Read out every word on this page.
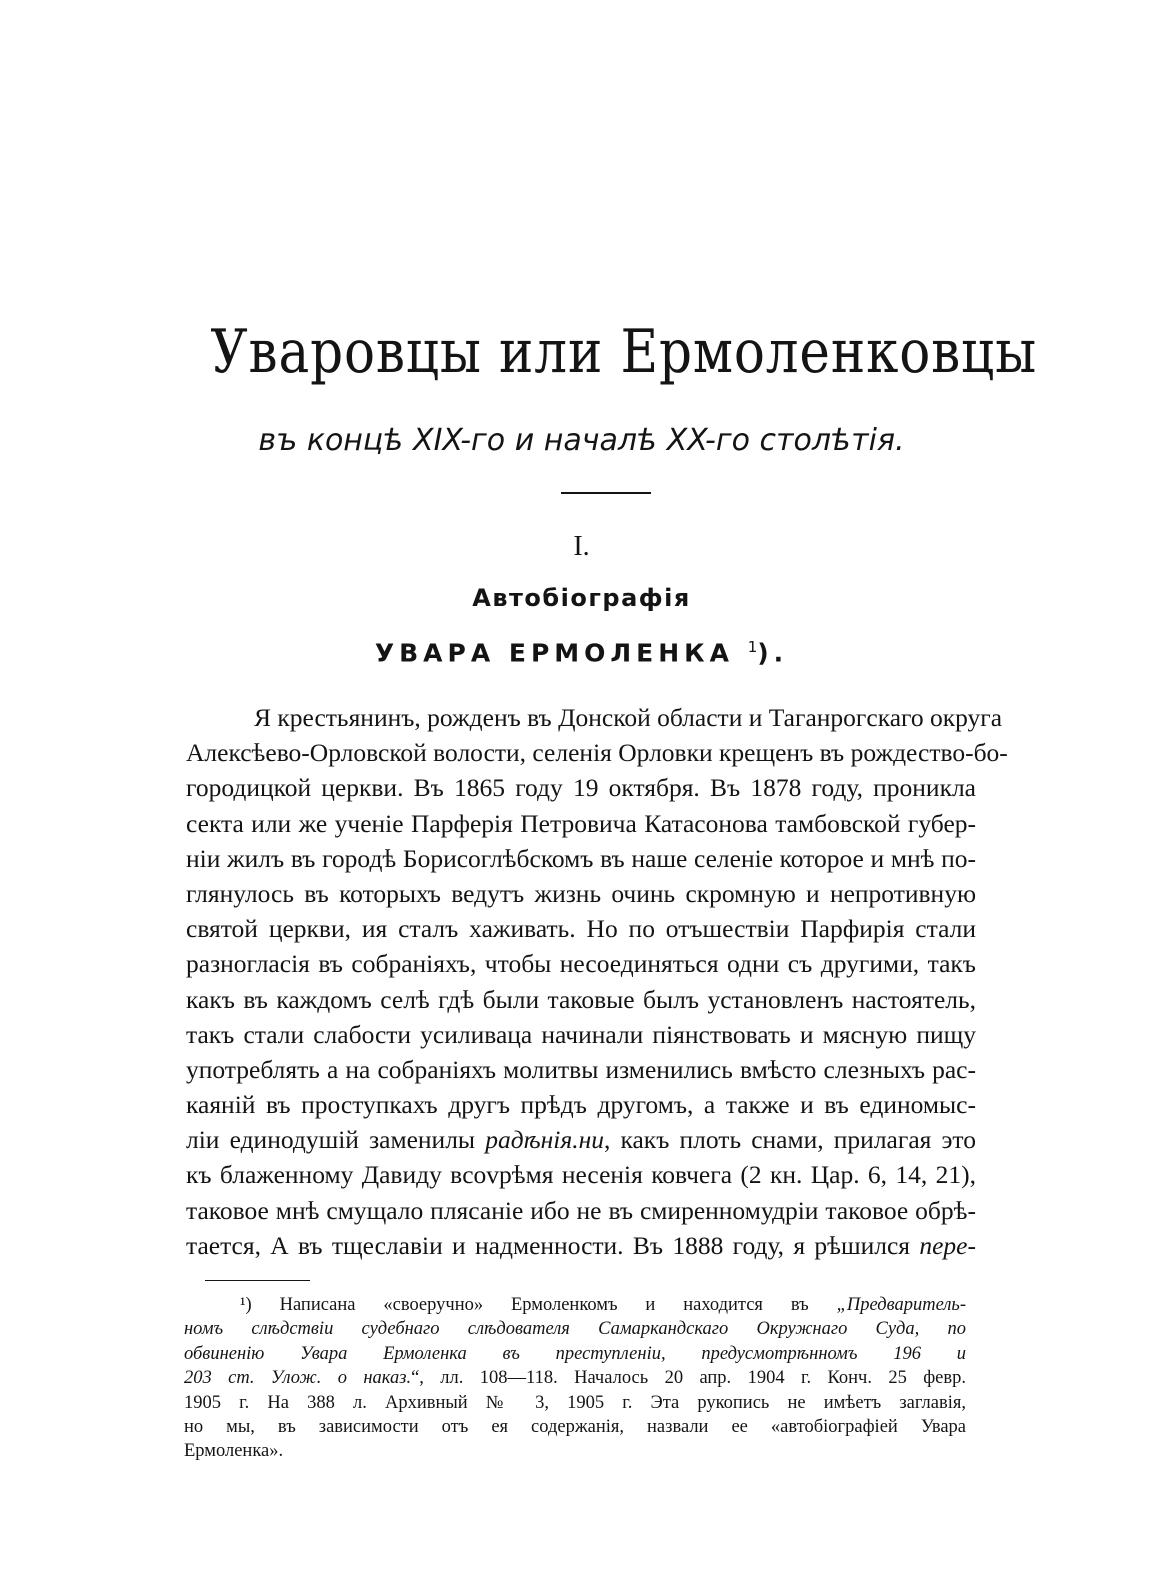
Уваровцы или Ермоленковцы
въ концѣ XIX-го и началѣ XX-го столѣтія.
I.
Автобіографія
УВАРА ЕРМОЛЕНКА $^1$).
Я крестьянинъ, рожденъ въ Донской области и Таганрогскаго округа
Алексѣево-Орловской волости, селенія Орловки крещенъ въ рождество-бо-
городицкой церкви. Въ 1865 году 19 октября. Въ 1878 году, проникла
секта или же ученіе Парферія Петровича Катасонова тамбовской губер-
ніи жилъ въ городѣ Борисоглѣбскомъ въ наше селеніе которое и мнѣ по-
глянулось въ которыхъ ведутъ жизнь очинь скромную и непротивную
святой церкви, ия сталъ хаживать. Но по отъшествіи Парфирія стали
разногласія въ собраніяхъ, чтобы несоединяться одни съ другими, такъ
какъ въ каждомъ селѣ гдѣ были таковые былъ установленъ настоятель,
такъ стали слабости усиливаца начинали піянствовать и мясную пищу
употреблять а на собраніяхъ молитвы изменились вмѣсто слезныхъ рас-
каяній въ проступкахъ другъ прѣдъ другомъ, а также и въ единомыс-
ліи единодушій заменилы радѣнія.ни, какъ плоть снами, прилагая это
къ блаженному Давиду вcovрѣмя несенія ковчега (2 кн. Цар. 6, 14, 21),
таковое мнѣ смущало плясаніе ибо не въ смиренномудріи таковое обрѣ-
тается, А въ тщеславіи и надменности. Въ 1888 году, я рѣшился пере-
¹) Написана «своеручно» Ермоленкомъ и находится въ „Предваритель-
номъ слѣдствіи судебнаго слѣдователя Самаркандскаго Окружнаго Суда, по
обвиненію Увара Ермоленка въ преступленіи, предусмотрѣнномъ 196 и
203 ст. Улож. о наказ.“, лл. 108—118. Началось 20 апр. 1904 г. Конч. 25 февр.
1905 г. На 388 л. Архивный № 3, 1905 г. Эта рукопись не имѣетъ заглавія,
но мы, въ зависимости отъ ея содержанія, назвали ее «автобіографіей Увара
Ермоленка».
